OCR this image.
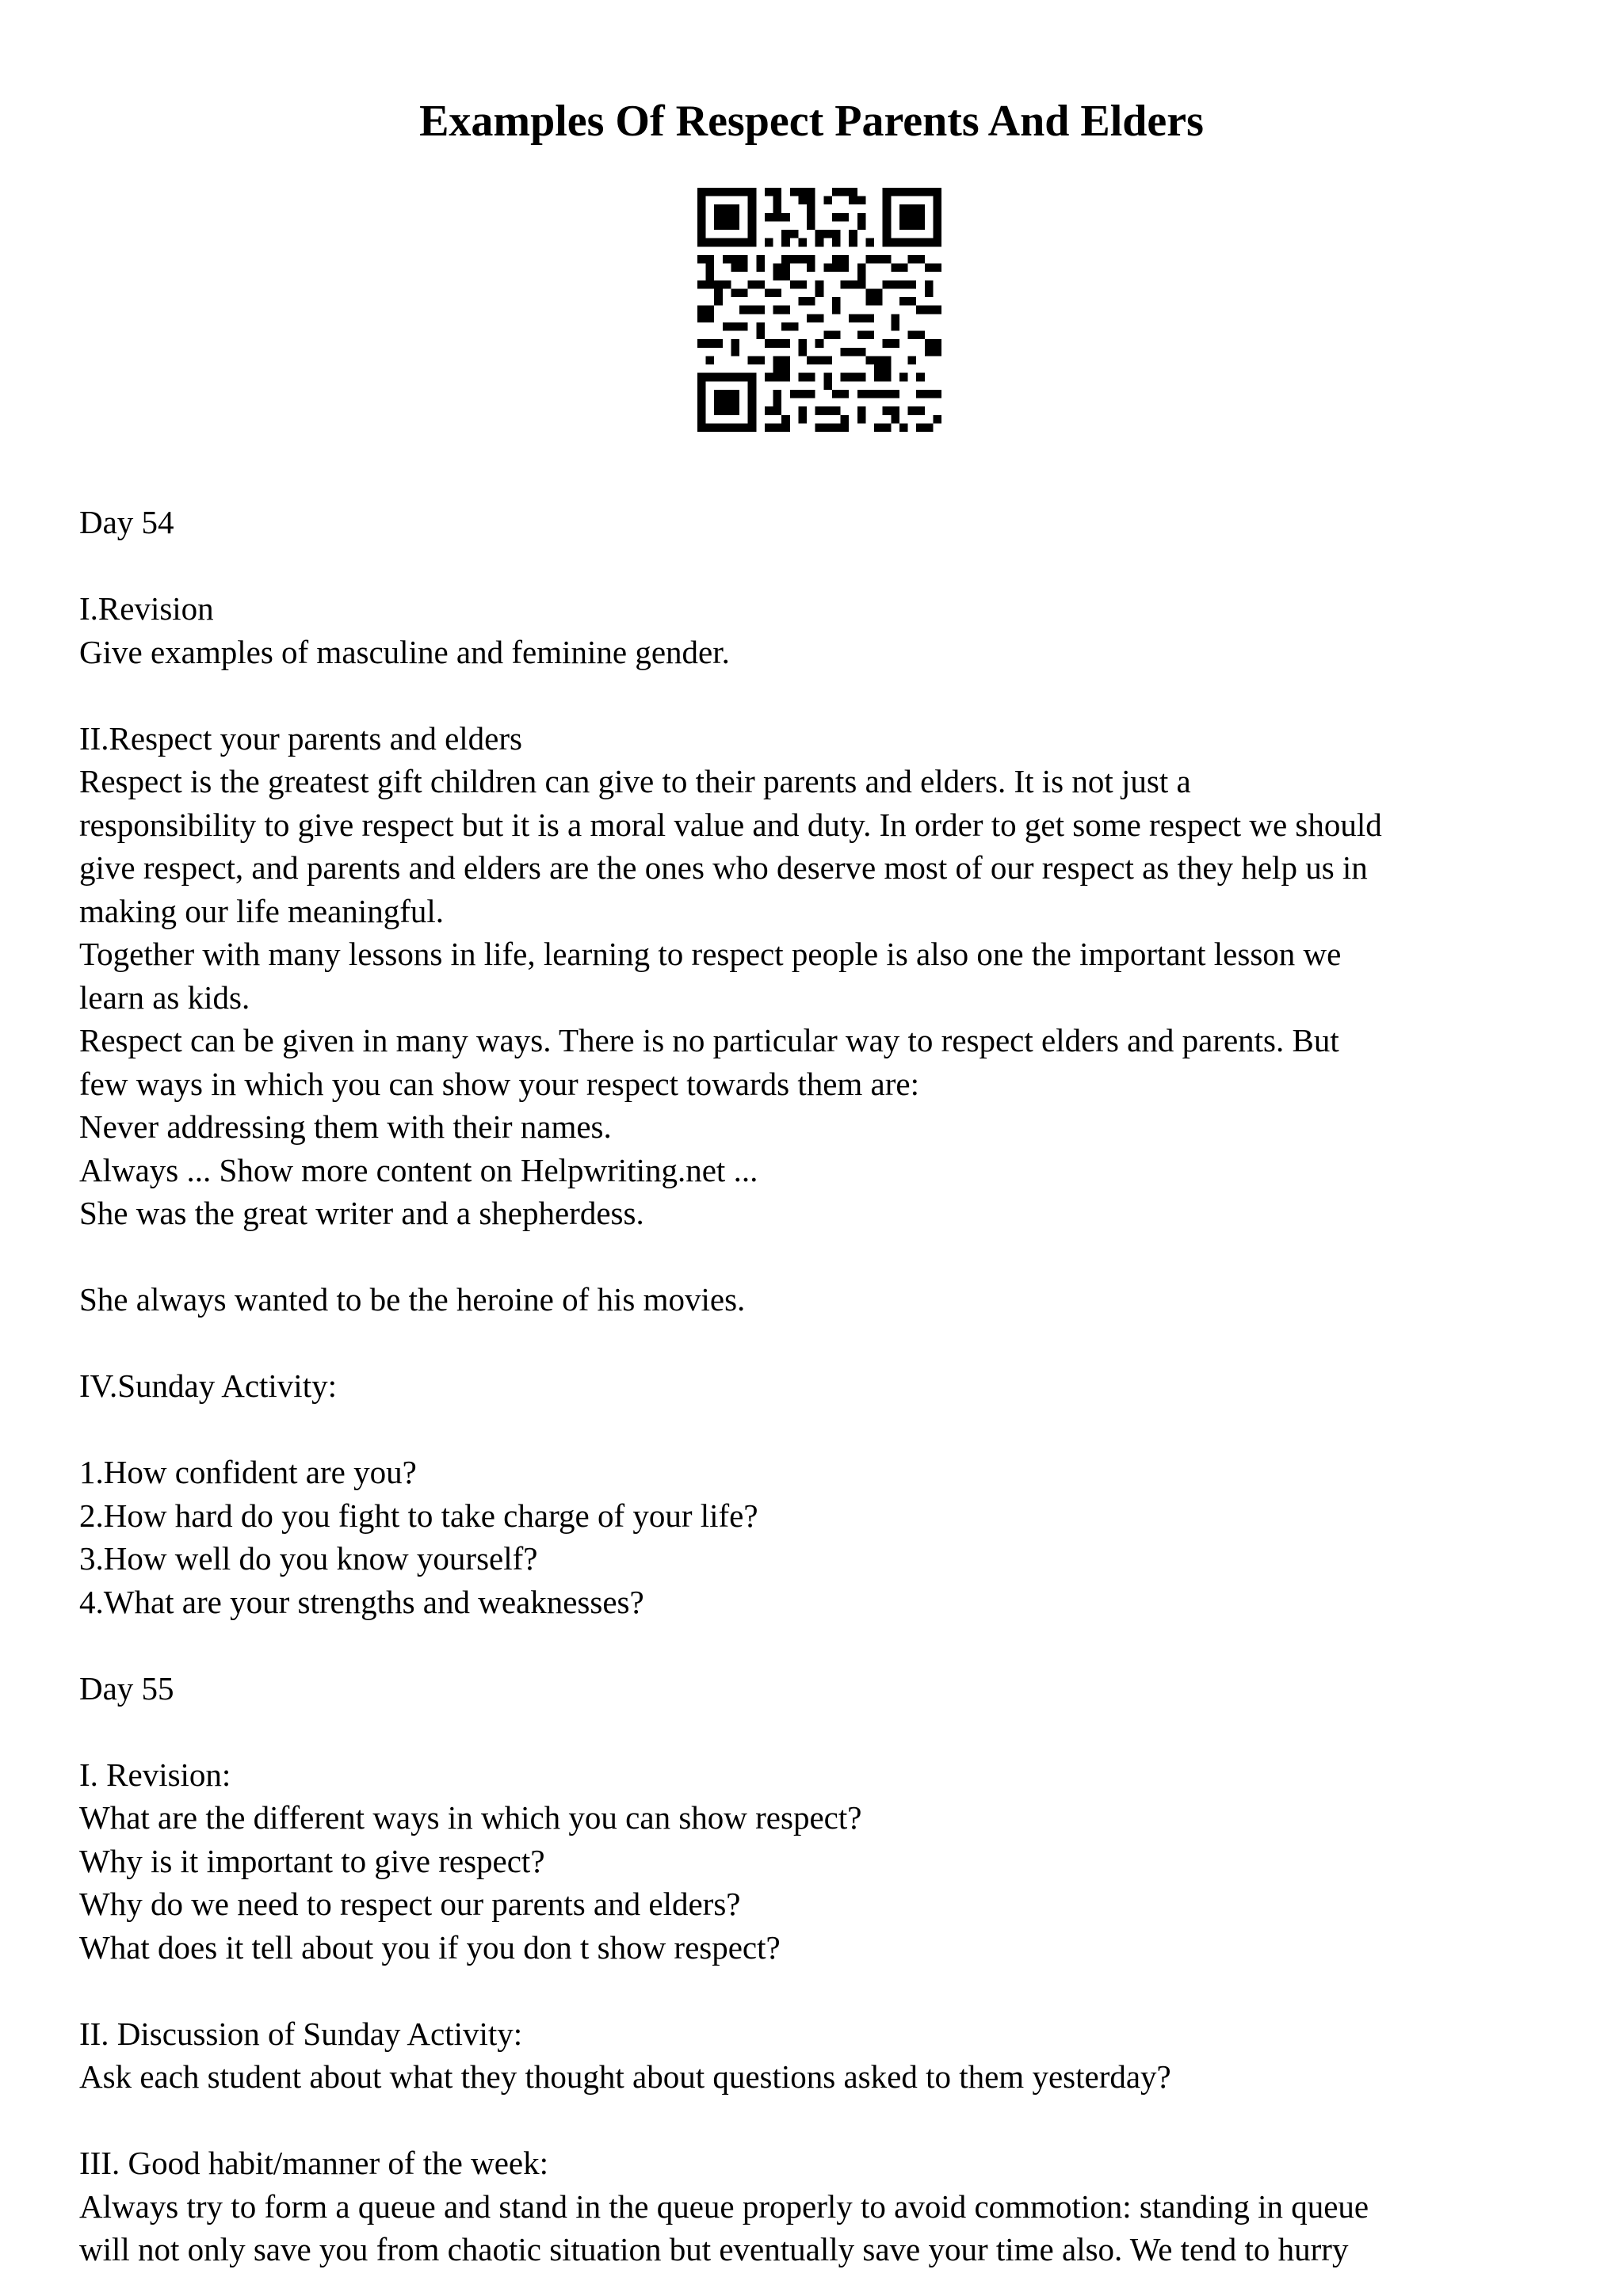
Examples Of Respect Parents And Elders
Day 54
I.Revision
Give examples of masculine and feminine gender.
II.Respect your parents and elders
Respect is the greatest gift children can give to their parents and elders. It is not just a
responsibility to give respect but it is a moral value and duty. In order to get some respect we should
give respect, and parents and elders are the ones who deserve most of our respect as they help us in
making our life meaningful.
Together with many lessons in life, learning to respect people is also one the important lesson we
learn as kids.
Respect can be given in many ways. There is no particular way to respect elders and parents. But
few ways in which you can show your respect towards them are:
Never addressing them with their names.
Always ... Show more content on Helpwriting.net ...
She was the great writer and a shepherdess.
She always wanted to be the heroine of his movies.
IV.Sunday Activity:
1.How confident are you?
2.How hard do you fight to take charge of your life?
3.How well do you know yourself?
4.What are your strengths and weaknesses?
Day 55
I. Revision:
What are the different ways in which you can show respect?
Why is it important to give respect?
Why do we need to respect our parents and elders?
What does it tell about you if you don t show respect?
II. Discussion of Sunday Activity:
Ask each student about what they thought about questions asked to them yesterday?
III. Good habit/manner of the week:
Always try to form a queue and stand in the queue properly to avoid commotion: standing in queue
will not only save you from chaotic situation but eventually save your time also. We tend to hurry
